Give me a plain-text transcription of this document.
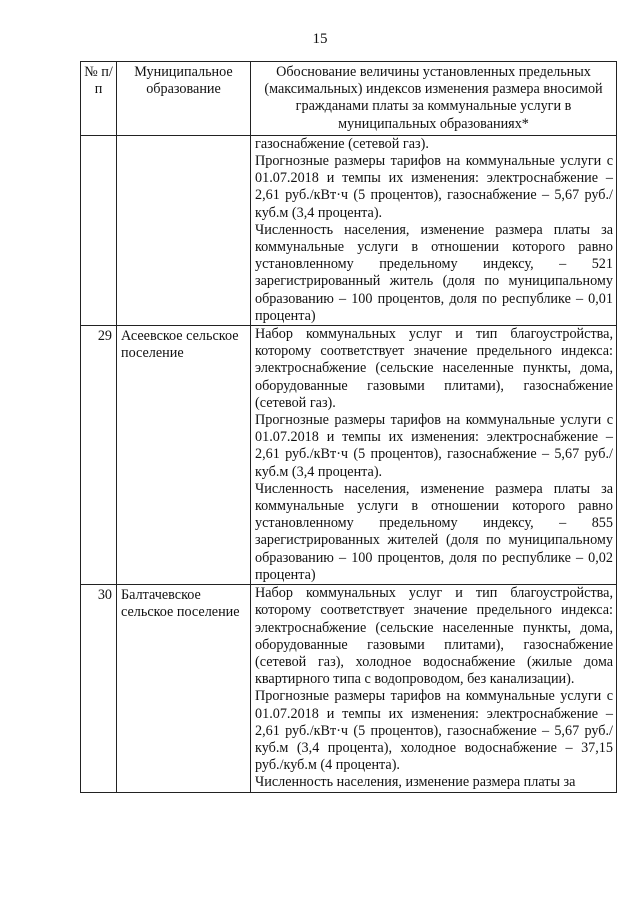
15
№ п/п	Муниципальное образование	Обоснование величины установленных предельных (максимальных) индексов изменения размера вносимой гражданами платы за коммунальные услуги в муниципальных образованиях*

		газоснабжение (сетевой газ).
Прогнозные размеры тарифов на коммунальные услуги с 01.07.2018 и темпы их изменения: электроснабжение – 2,61 руб./кВт·ч (5 процентов), газоснабжение – 5,67 руб./куб.м (3,4 процента).
Численность населения, изменение размера платы за коммунальные услуги в отношении которого равно установленному предельному индексу, – 521 зарегистрированный житель (доля по муниципальному образованию – 100 процентов, доля по республике – 0,01 процента)

29	Асеевское сельское поселение	Набор коммунальных услуг и тип благоустройства, которому соответствует значение предельного индекса: электроснабжение (сельские населенные пункты, дома, оборудованные газовыми плитами), газоснабжение (сетевой газ).
Прогнозные размеры тарифов на коммунальные услуги с 01.07.2018 и темпы их изменения: электроснабжение – 2,61 руб./кВт·ч (5 процентов), газоснабжение – 5,67 руб./куб.м (3,4 процента).
Численность населения, изменение размера платы за коммунальные услуги в отношении которого равно установленному предельному индексу, – 855 зарегистрированных жителей (доля по муниципальному образованию – 100 процентов, доля по республике – 0,02 процента)

30	Балтачевское сельское поселение	Набор коммунальных услуг и тип благоустройства, которому соответствует значение предельного индекса: электроснабжение (сельские населенные пункты, дома, оборудованные газовыми плитами), газоснабжение (сетевой газ), холодное водоснабжение (жилые дома квартирного типа с водопроводом, без канализации).
Прогнозные размеры тарифов на коммунальные услуги с 01.07.2018 и темпы их изменения: электроснабжение – 2,61 руб./кВт·ч (5 процентов), газоснабжение – 5,67 руб./куб.м (3,4 процента), холодное водоснабжение – 37,15 руб./куб.м (4 процента).
Численность населения, изменение размера платы за
